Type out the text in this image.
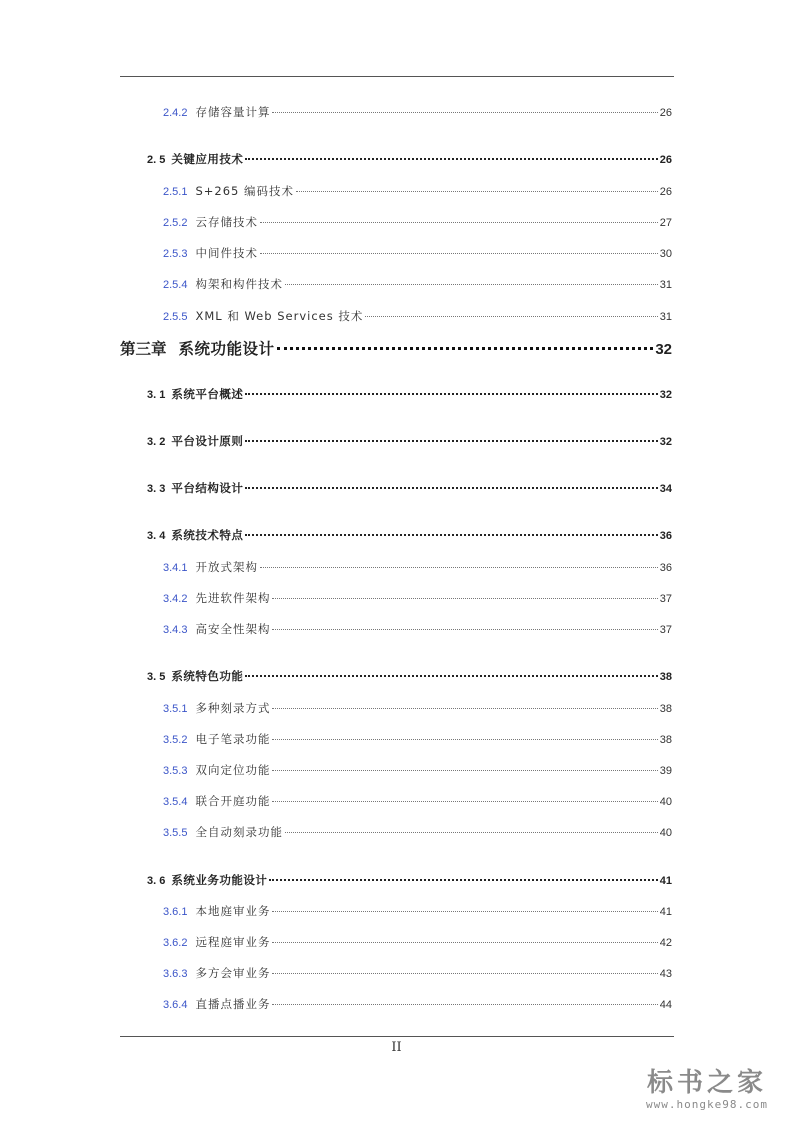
2.4.2 存储容量计算	26
2. 5 关键应用技术	26
2.5.1 S+265 编码技术	26
2.5.2 云存储技术	27
2.5.3 中间件技术	30
2.5.4 构架和构件技术	31
2.5.5 XML 和 Web Services 技术	31
第三章 系统功能设计	32
3. 1 系统平台概述	32
3. 2 平台设计原则	32
3. 3 平台结构设计	34
3. 4 系统技术特点	36
3.4.1 开放式架构	36
3.4.2 先进软件架构	37
3.4.3 高安全性架构	37
3. 5 系统特色功能	38
3.5.1 多种刻录方式	38
3.5.2 电子笔录功能	38
3.5.3 双向定位功能	39
3.5.4 联合开庭功能	40
3.5.5 全自动刻录功能	40
3. 6 系统业务功能设计	41
3.6.1 本地庭审业务	41
3.6.2 远程庭审业务	42
3.6.3 多方会审业务	43
3.6.4 直播点播业务	44
II
标书之家
www.hongke98.com
